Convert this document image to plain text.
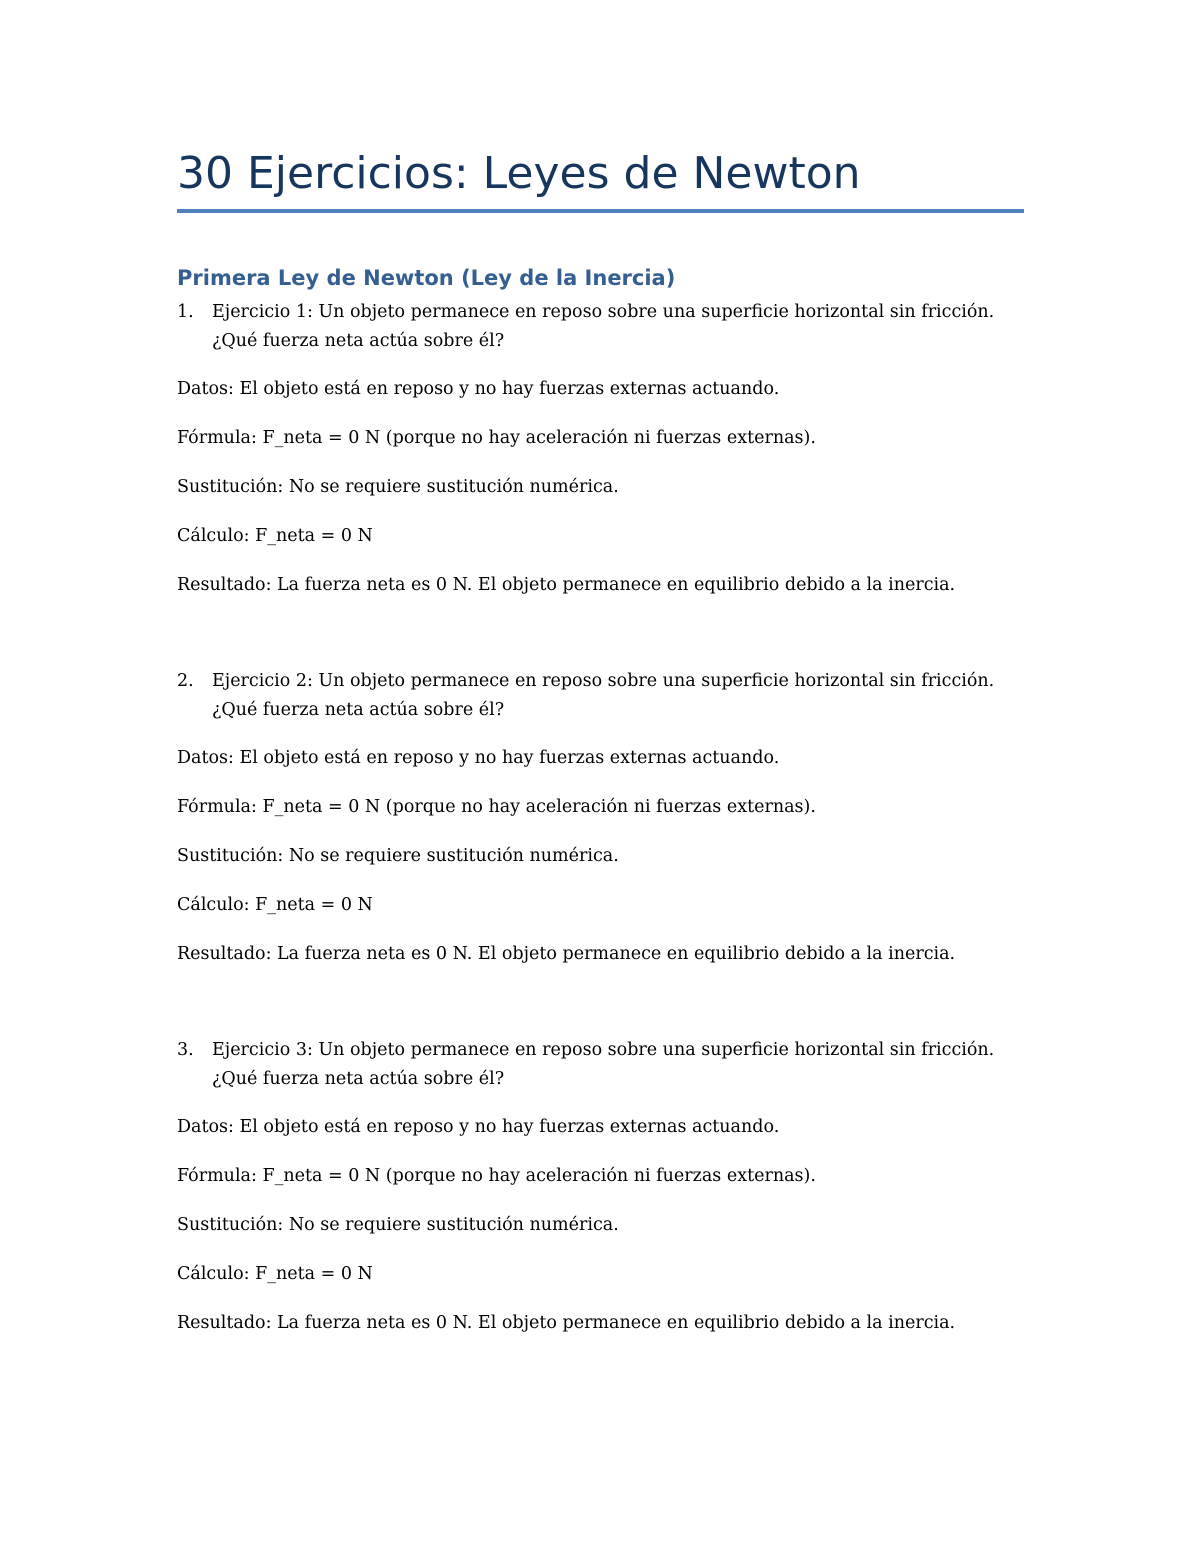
30 Ejercicios: Leyes de Newton
Primera Ley de Newton (Ley de la Inercia)
1. Ejercicio 1: Un objeto permanece en reposo sobre una superficie horizontal sin fricción. ¿Qué fuerza neta actúa sobre él?
Datos: El objeto está en reposo y no hay fuerzas externas actuando.
Fórmula: F_neta = 0 N (porque no hay aceleración ni fuerzas externas).
Sustitución: No se requiere sustitución numérica.
Cálculo: F_neta = 0 N
Resultado: La fuerza neta es 0 N. El objeto permanece en equilibrio debido a la inercia.
2. Ejercicio 2: Un objeto permanece en reposo sobre una superficie horizontal sin fricción. ¿Qué fuerza neta actúa sobre él?
Datos: El objeto está en reposo y no hay fuerzas externas actuando.
Fórmula: F_neta = 0 N (porque no hay aceleración ni fuerzas externas).
Sustitución: No se requiere sustitución numérica.
Cálculo: F_neta = 0 N
Resultado: La fuerza neta es 0 N. El objeto permanece en equilibrio debido a la inercia.
3. Ejercicio 3: Un objeto permanece en reposo sobre una superficie horizontal sin fricción. ¿Qué fuerza neta actúa sobre él?
Datos: El objeto está en reposo y no hay fuerzas externas actuando.
Fórmula: F_neta = 0 N (porque no hay aceleración ni fuerzas externas).
Sustitución: No se requiere sustitución numérica.
Cálculo: F_neta = 0 N
Resultado: La fuerza neta es 0 N. El objeto permanece en equilibrio debido a la inercia.
